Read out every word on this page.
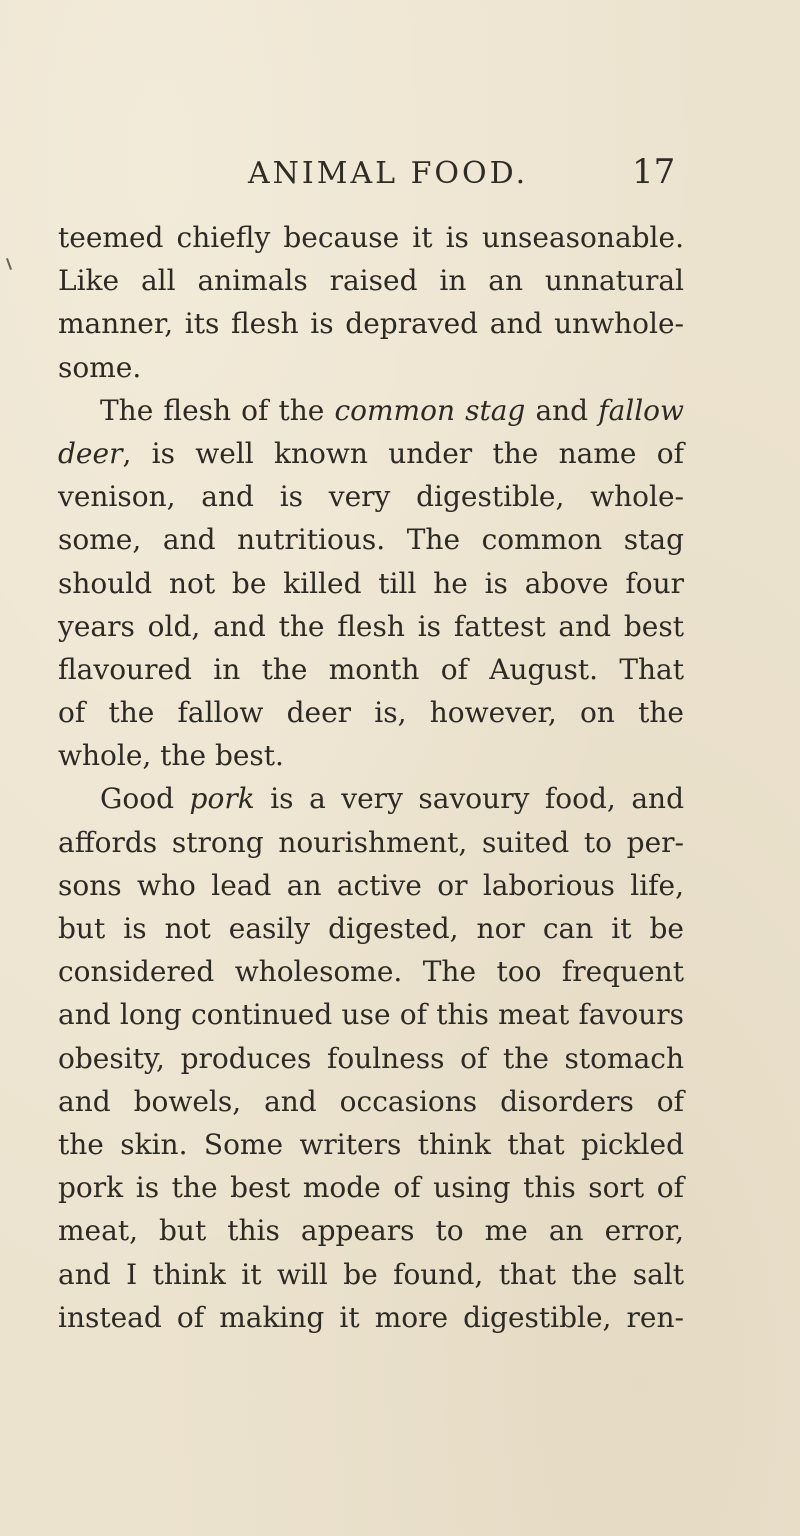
ANIMAL FOOD.	17
teemed chiefly because it is unseasonable.
Like all animals raised in an unnatural
manner, its flesh is depraved and unwhole-
some.
The flesh of the common stag and fallow
deer, is well known under the name of
venison, and is very digestible, whole-
some, and nutritious. The common stag
should not be killed till he is above four
years old, and the flesh is fattest and best
flavoured in the month of August. That
of the fallow deer is, however, on the
whole, the best.
Good pork is a very savoury food, and
affords strong nourishment, suited to per-
sons who lead an active or laborious life,
but is not easily digested, nor can it be
considered wholesome. The too frequent
and long continued use of this meat favours
obesity, produces foulness of the stomach
and bowels, and occasions disorders of
the skin. Some writers think that pickled
pork is the best mode of using this sort of
meat, but this appears to me an error,
and I think it will be found, that the salt
instead of making it more digestible, ren-
